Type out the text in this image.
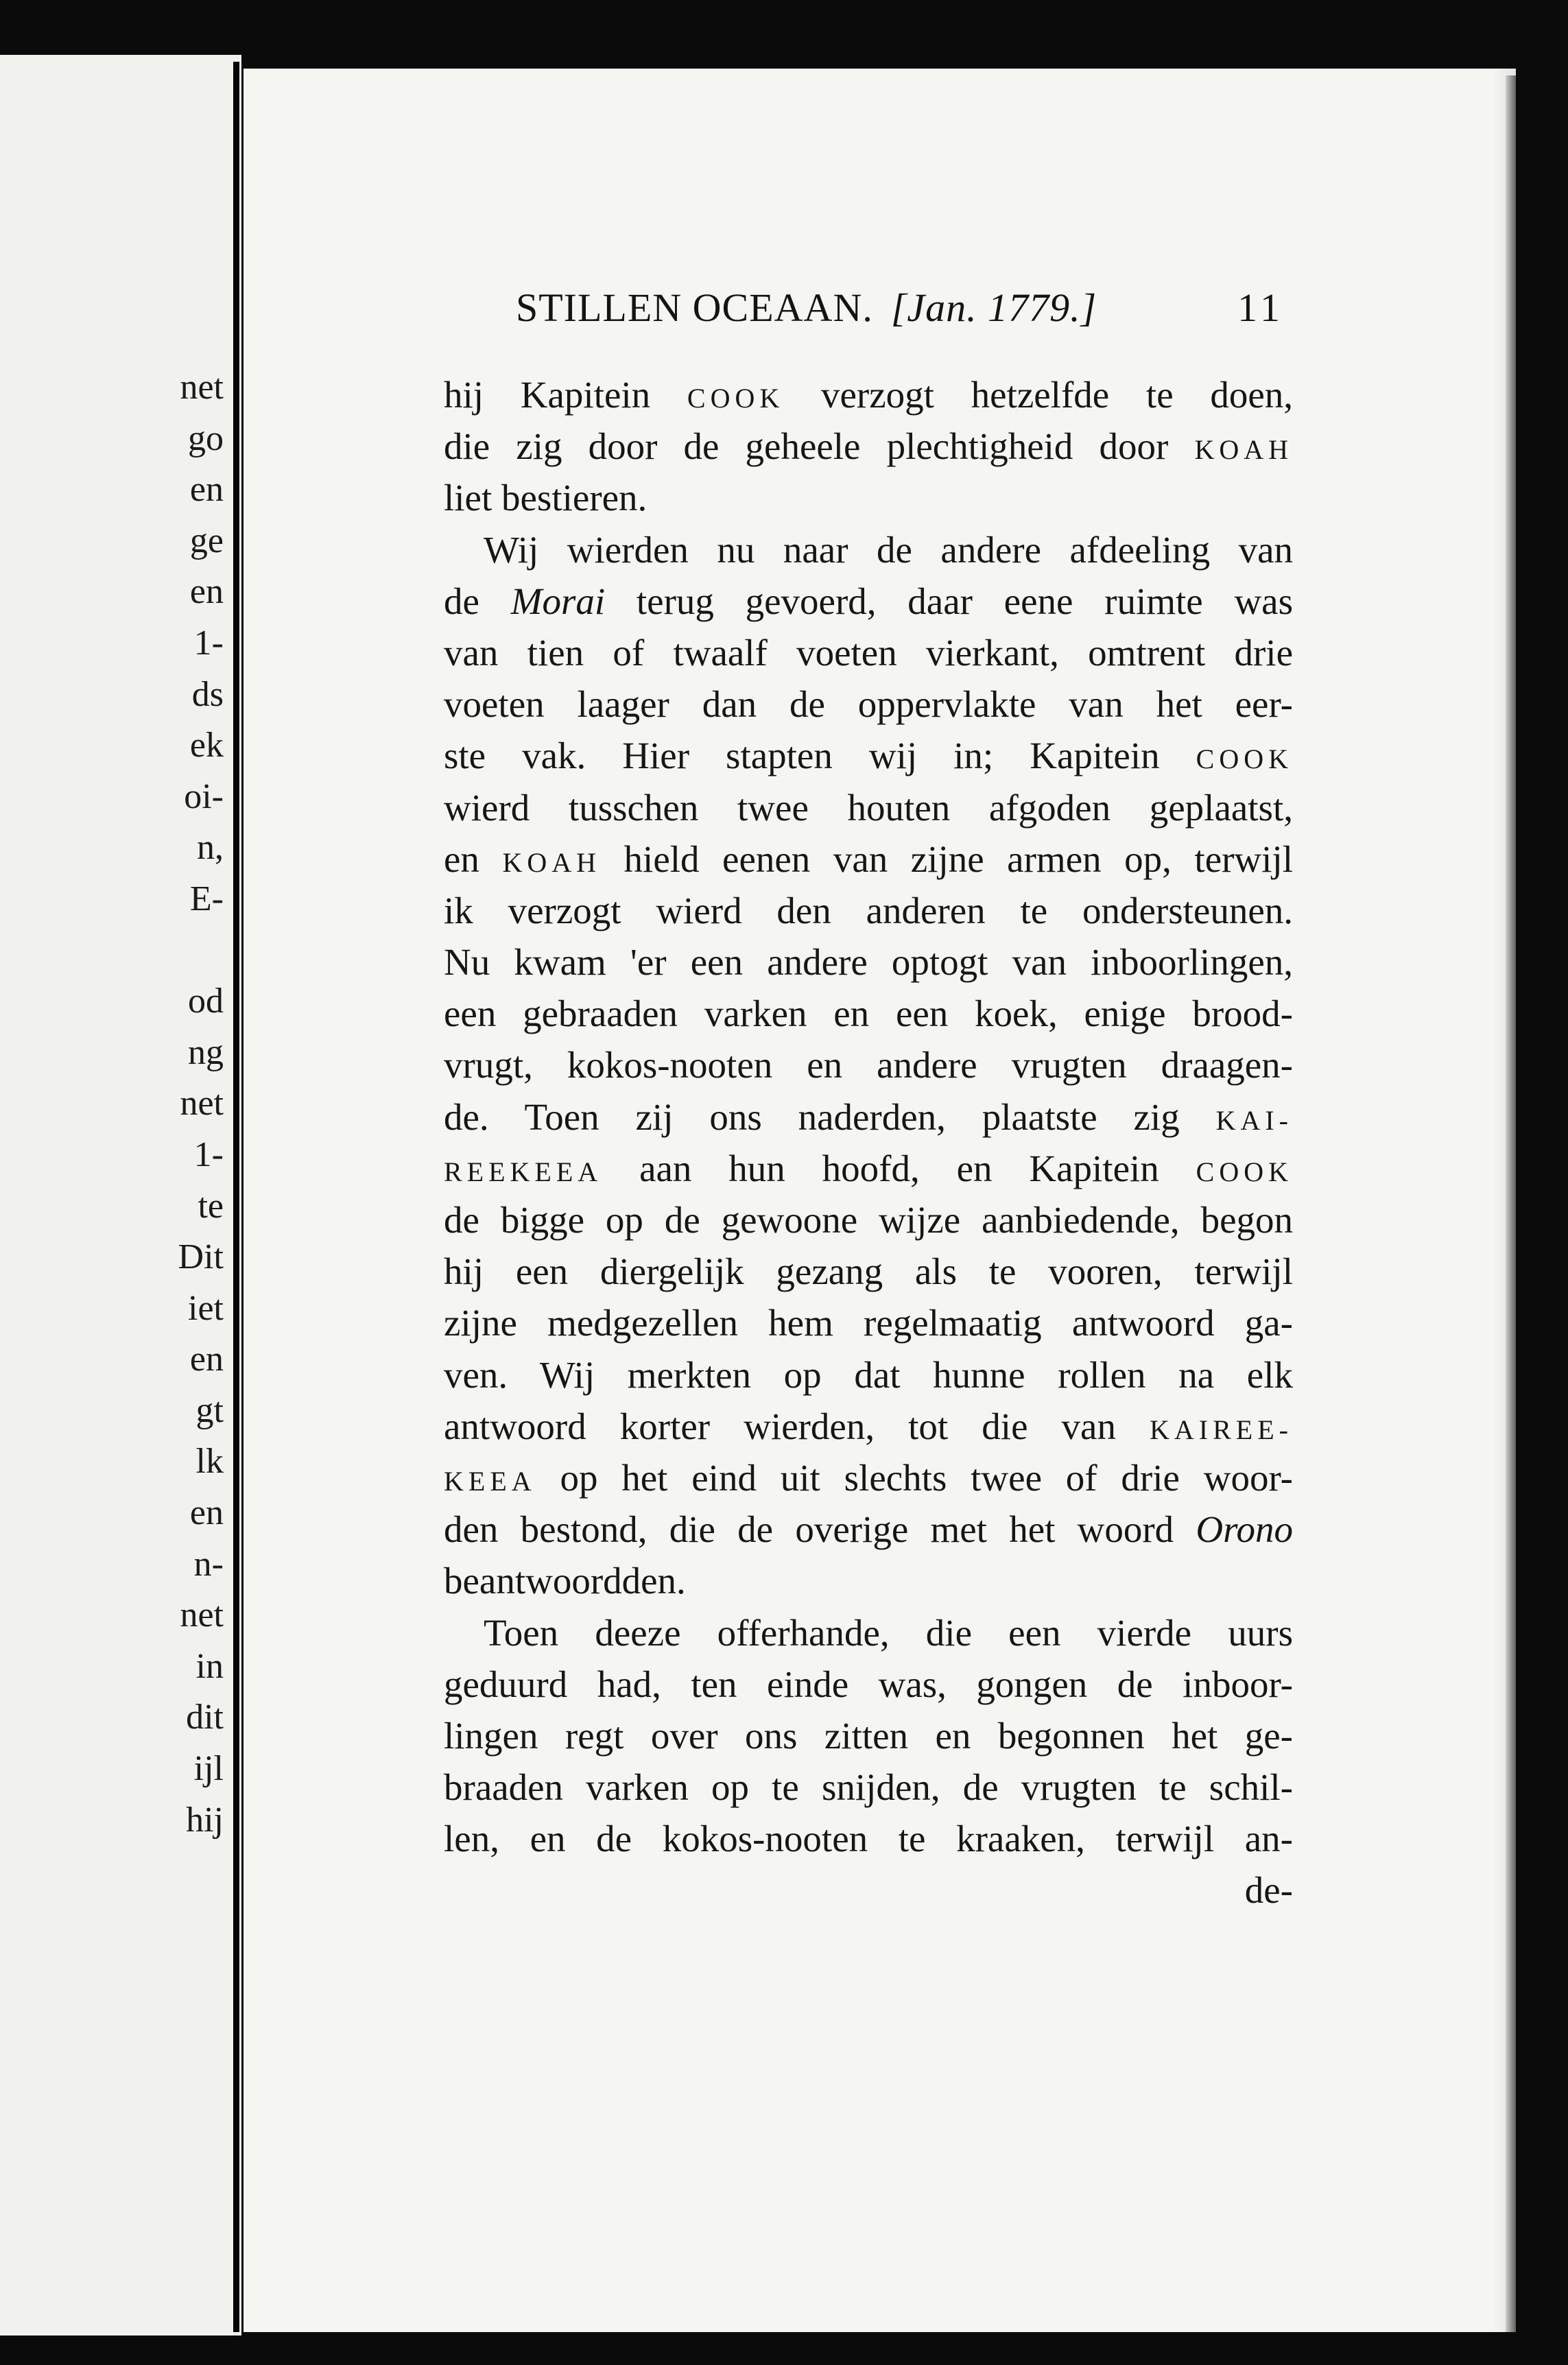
net
go
en
ge
en
1-
ds
ek
oi-
n,
E-
od
ng
net
1-
te
Dit
iet
en
gt
lk
en
n-
net
in
dit
ijl
hij
STILLEN OCEAAN. [Jan. 1779.]	11
hij Kapitein COOK verzogt hetzelfde te doen,
die zig door de geheele plechtigheid door KOAH
liet bestieren.
Wij wierden nu naar de andere afdeeling van
de Morai terug gevoerd, daar eene ruimte was
van tien of twaalf voeten vierkant, omtrent drie
voeten laager dan de oppervlakte van het eer-
ste vak. Hier stapten wij in; Kapitein COOK
wierd tusschen twee houten afgoden geplaatst,
en KOAH hield eenen van zijne armen op, terwijl
ik verzogt wierd den anderen te ondersteunen.
Nu kwam 'er een andere optogt van inboorlingen,
een gebraaden varken en een koek, enige brood-
vrugt, kokos-nooten en andere vrugten draagen-
de. Toen zij ons naderden, plaatste zig KAI-
REEKEEA aan hun hoofd, en Kapitein COOK
de bigge op de gewoone wijze aanbiedende, begon
hij een diergelijk gezang als te vooren, terwijl
zijne medgezellen hem regelmaatig antwoord ga-
ven. Wij merkten op dat hunne rollen na elk
antwoord korter wierden, tot die van KAIREE-
KEEA op het eind uit slechts twee of drie woor-
den bestond, die de overige met het woord Orono
beantwoordden.
Toen deeze offerhande, die een vierde uurs
geduurd had, ten einde was, gongen de inboor-
lingen regt over ons zitten en begonnen het ge-
braaden varken op te snijden, de vrugten te schil-
len, en de kokos-nooten te kraaken, terwijl an-
de-
